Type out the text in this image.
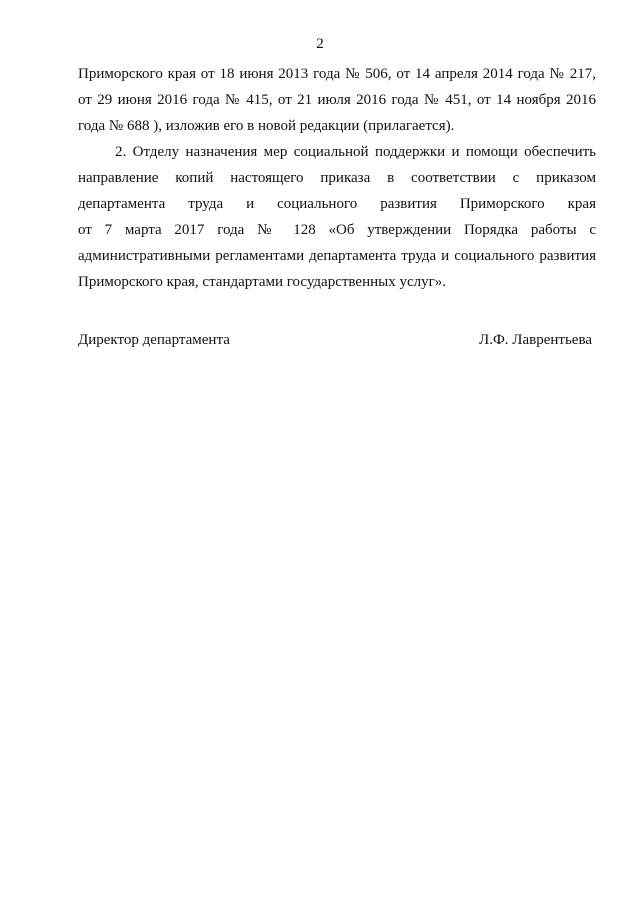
2
Приморского края от 18 июня 2013 года № 506, от 14 апреля 2014 года № 217,
от 29 июня 2016 года № 415, от 21 июля 2016 года № 451, от 14 ноября 2016
года № 688 ), изложив его в новой редакции (прилагается).
2. Отделу назначения мер социальной поддержки и помощи обеспечить
направление копий настоящего приказа в соответствии с приказом
департамента труда и социального развития Приморского края
от 7 марта 2017 года № 128 «Об утверждении Порядка работы с
административными регламентами департамента труда и социального развития
Приморского края, стандартами государственных услуг».
Директор департамента	Л.Ф. Лаврентьева
